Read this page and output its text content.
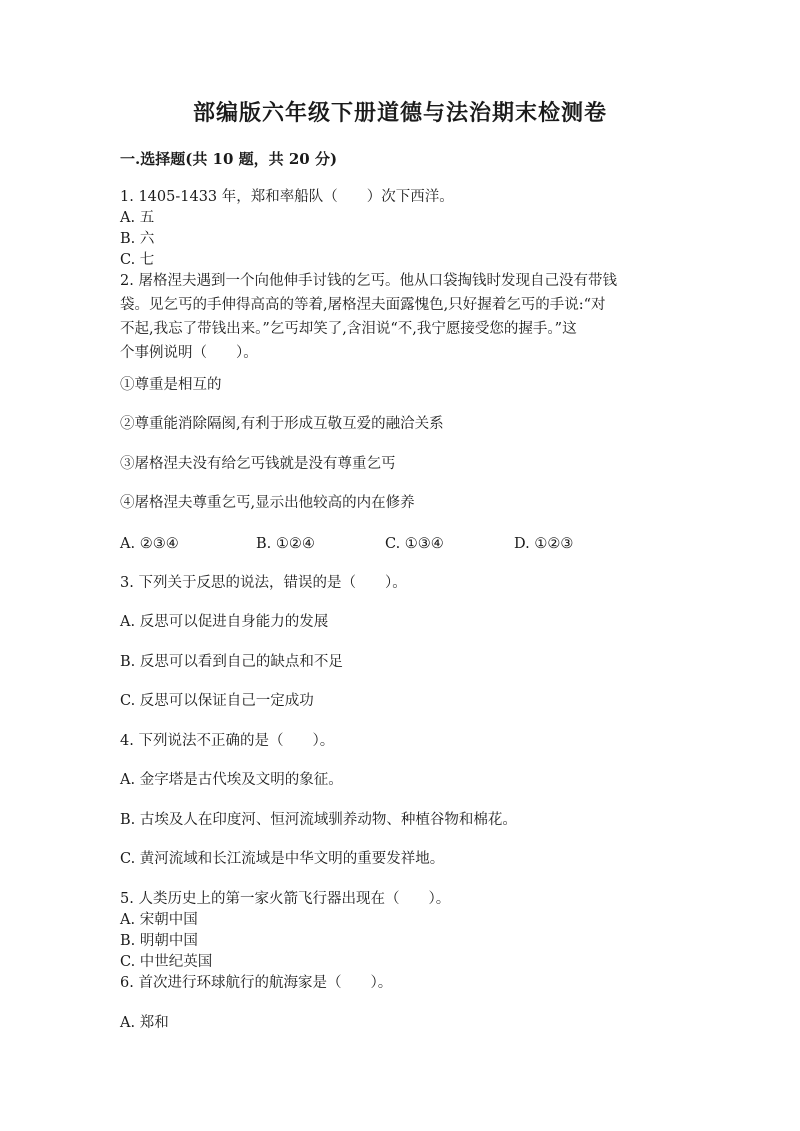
部编版六年级下册道德与法治期末检测卷
一.选择题(共 10 题，共 20 分)
1. 1405-1433 年，郑和率船队（　　）次下西洋。
A. 五
B. 六
C. 七
2. 屠格涅夫遇到一个向他伸手讨钱的乞丐。他从口袋掏钱时发现自己没有带钱
袋。见乞丐的手伸得高高的等着,屠格涅夫面露愧色,只好握着乞丐的手说:“对
不起,我忘了带钱出来。”乞丐却笑了,含泪说“不,我宁愿接受您的握手。”这
个事例说明（　　）。
①尊重是相互的
②尊重能消除隔阂,有利于形成互敬互爱的融洽关系
③屠格涅夫没有给乞丐钱就是没有尊重乞丐
④屠格涅夫尊重乞丐,显示出他较高的内在修养
A. ②③④	B. ①②④	C. ①③④	D. ①②③
3. 下列关于反思的说法，错误的是（　　）。
A. 反思可以促进自身能力的发展
B. 反思可以看到自己的缺点和不足
C. 反思可以保证自己一定成功
4. 下列说法不正确的是（　　）。
A. 金字塔是古代埃及文明的象征。
B. 古埃及人在印度河、恒河流域驯养动物、种植谷物和棉花。
C. 黄河流域和长江流域是中华文明的重要发祥地。
5. 人类历史上的第一家火箭飞行器出现在（　　）。
A. 宋朝中国
B. 明朝中国
C. 中世纪英国
6. 首次进行环球航行的航海家是（　　）。
A. 郑和
